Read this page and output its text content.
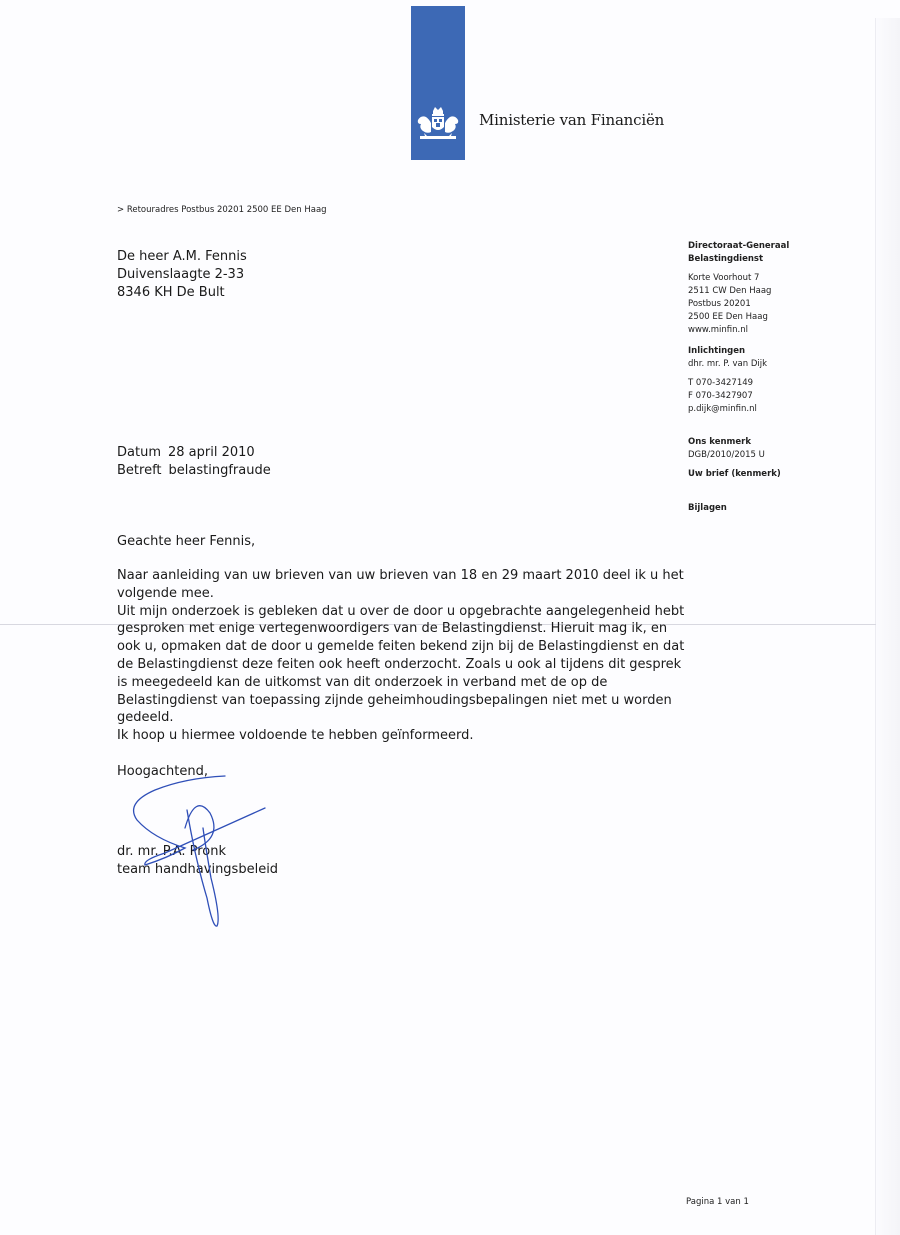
Ministerie van Financiën
> Retouradres Postbus 20201 2500 EE Den Haag
De heer A.M. Fennis
Duivenslaagte 2-33
8346 KH De Bult
Directoraat-Generaal
Belastingdienst
Korte Voorhout 7
2511 CW Den Haag
Postbus 20201
2500 EE Den Haag
www.minfin.nl
Inlichtingen
dhr. mr. P. van Dijk
T 070-3427149
F 070-3427907
p.dijk@minfin.nl
Ons kenmerk
DGB/2010/2015 U
Uw brief (kenmerk)
Bijlagen
Datum 28 april 2010
Betreft belastingfraude
Geachte heer Fennis,

Naar aanleiding van uw brieven van uw brieven van 18 en 29 maart 2010 deel ik u het volgende mee.

Uit mijn onderzoek is gebleken dat u over de door u opgebrachte aangelegenheid hebt gesproken met enige vertegenwoordigers van de Belastingdienst. Hieruit mag ik, en ook u, opmaken dat de door u gemelde feiten bekend zijn bij de Belastingdienst en dat de Belastingdienst deze feiten ook heeft onderzocht. Zoals u ook al tijdens dit gesprek is meegedeeld kan de uitkomst van dit onderzoek in verband met de op de Belastingdienst van toepassing zijnde geheimhoudingsbepalingen niet met u worden gedeeld.

Ik hoop u hiermee voldoende te hebben geïnformeerd.

Hoogachtend,
dr. mr. P.A. Pronk
team handhavingsbeleid
Pagina 1 van 1
